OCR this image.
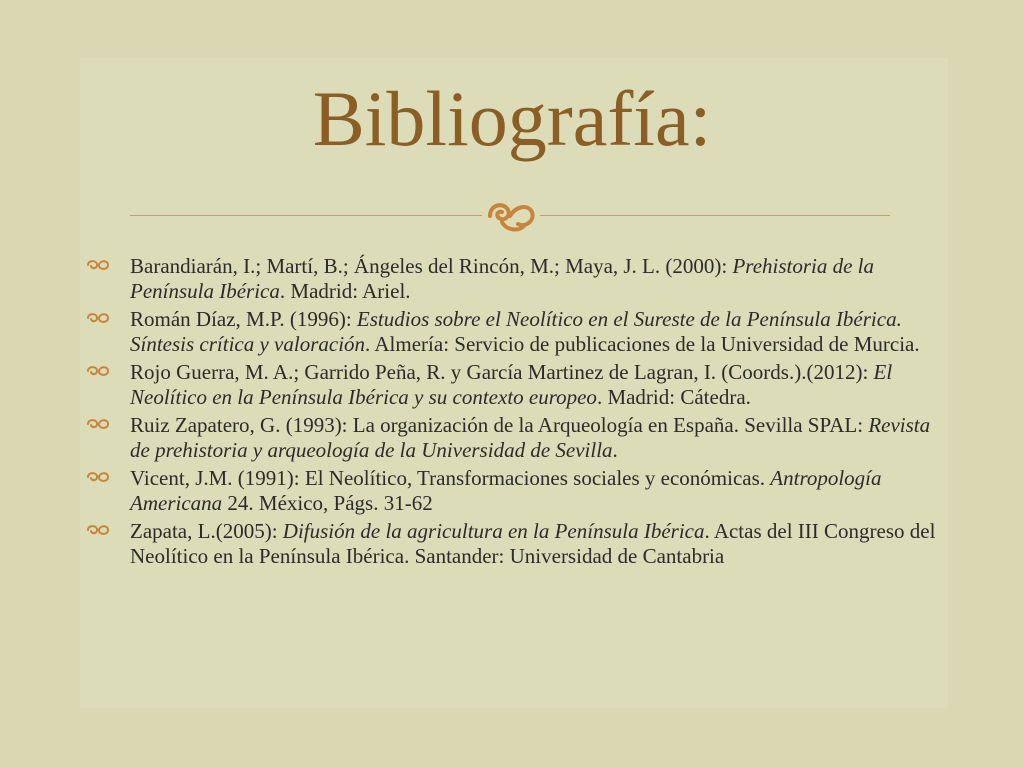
Bibliografía:
Barandiarán, I.; Martí, B.; Ángeles del Rincón, M.; Maya, J. L. (2000): Prehistoria de la Península Ibérica. Madrid: Ariel.
Román Díaz, M.P. (1996): Estudios sobre el Neolítico en el Sureste de la Península Ibérica. Síntesis crítica y valoración. Almería: Servicio de publicaciones de la Universidad de Murcia.
Rojo Guerra, M. A.; Garrido Peña, R. y García Martinez de Lagran, I. (Coords.).(2012): El Neolítico en la Península Ibérica y su contexto europeo. Madrid: Cátedra.
Ruiz Zapatero, G. (1993): La organización de la Arqueología en España. Sevilla SPAL: Revista de prehistoria y arqueología de la Universidad de Sevilla.
Vicent, J.M. (1991): El Neolítico, Transformaciones sociales y económicas. Antropología Americana 24. México, Págs. 31-62
Zapata, L.(2005): Difusión de la agricultura en la Península Ibérica. Actas del III Congreso del Neolítico en la Península Ibérica. Santander: Universidad de Cantabria
